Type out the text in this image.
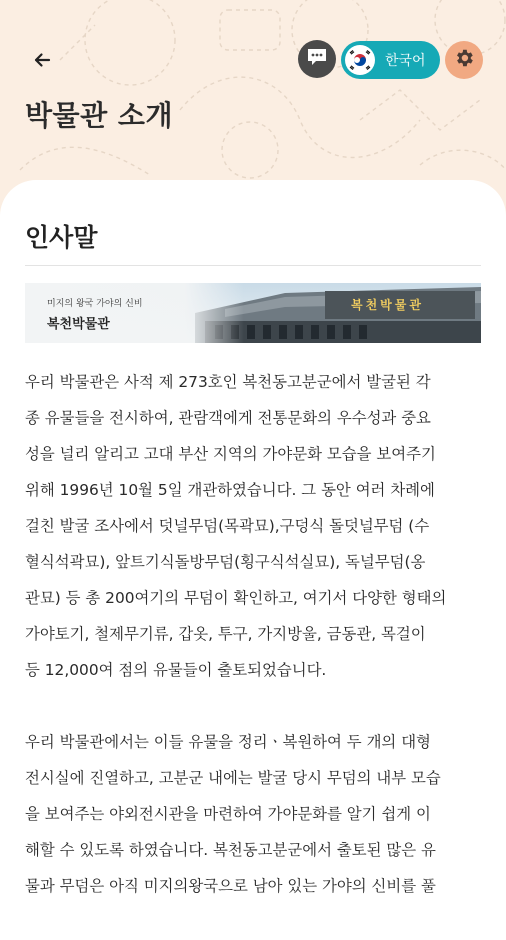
한국어
박물관 소개
인사말
미지의 왕국 가야의 신비
복천박물관
복천박물관

우리 박물관은 사적 제 273호인 복천동고분군에서 발굴된 각
종 유물들을 전시하여, 관람객에게 전통문화의 우수성과 중요
성을 널리 알리고 고대 부산 지역의 가야문화 모습을 보여주기
위해 1996년 10월 5일 개관하였습니다. 그 동안 여러 차례에
걸친 발굴 조사에서 덧널무덤(목곽묘),구덩식 돌덧널무덤 (수
혈식석곽묘), 앞트기식돌방무덤(횡구식석실묘), 독널무덤(옹
관묘) 등 총 200여기의 무덤이 확인하고, 여기서 다양한 형태의
가야토기, 철제무기류, 갑옷, 투구, 가지방울, 금동관, 목걸이
등 12,000여 점의 유물들이 출토되었습니다.

우리 박물관에서는 이들 유물을 정리ㆍ복원하여 두 개의 대형
전시실에 진열하고, 고분군 내에는 발굴 당시 무덤의 내부 모습
을 보여주는 야외전시관을 마련하여 가야문화를 알기 쉽게 이
해할 수 있도록 하였습니다. 복천동고분군에서 출토된 많은 유
물과 무덤은 아직 미지의왕국으로 남아 있는 가야의 신비를 풀
